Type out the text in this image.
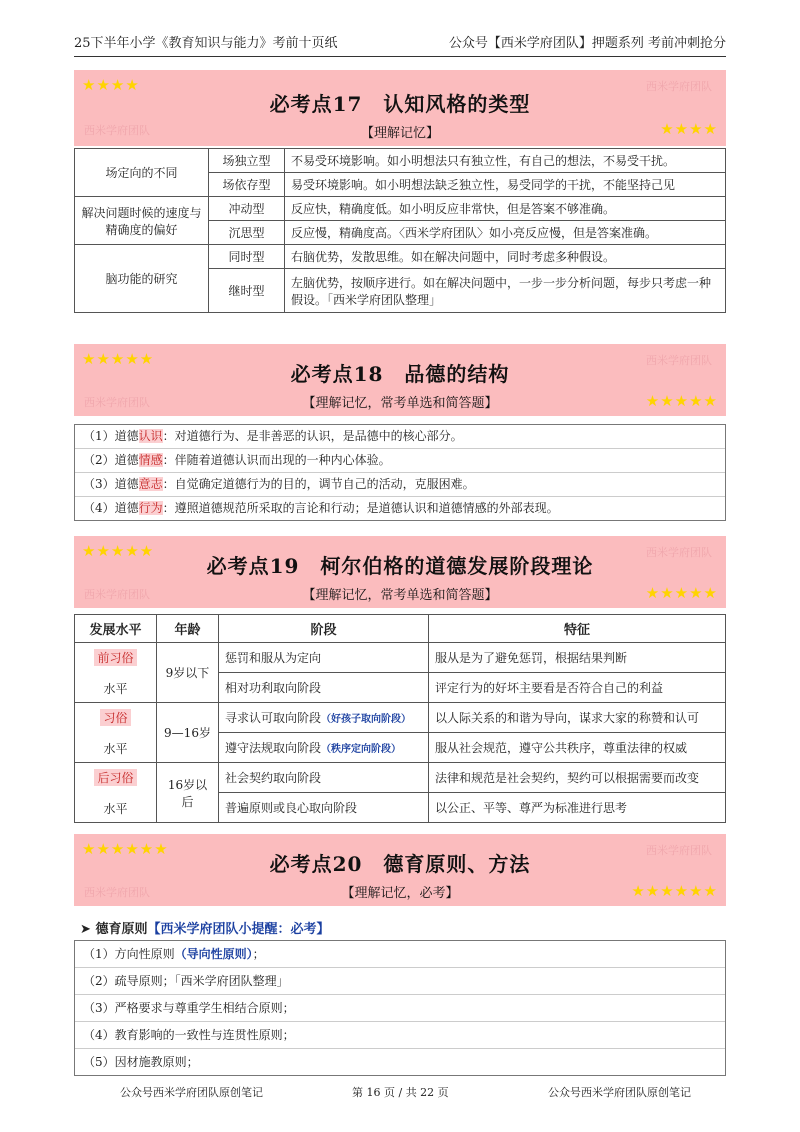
25下半年小学《教育知识与能力》考前十页纸	公众号【西米学府团队】押题系列 考前冲刺抢分
★★★★	西米学府团队
西米学府团队	★★★★
必考点17　认知风格的类型
【理解记忆】
场定向的不同	场独立型	不易受环境影响。如小明想法只有独立性，有自己的想法，不易受干扰。
	场依存型	易受环境影响。如小明想法缺乏独立性，易受同学的干扰，不能坚持己见
解决问题时候的速度与精确度的偏好	冲动型	反应快，精确度低。如小明反应非常快，但是答案不够准确。
	沉思型	反应慢，精确度高。〈西米学府团队〉如小亮反应慢，但是答案准确。
脑功能的研究	同时型	右脑优势，发散思维。如在解决问题中，同时考虑多种假设。
	继时型	左脑优势，按顺序进行。如在解决问题中，一步一步分析问题，每步只考虑一种假设。「西米学府团队整理」
★★★★★	西米学府团队
西米学府团队	★★★★★
必考点18　品德的结构
【理解记忆，常考单选和简答题】
（1）道德认识：对道德行为、是非善恶的认识，是品德中的核心部分。
（2）道德情感：伴随着道德认识而出现的一种内心体验。
（3）道德意志：自觉确定道德行为的目的，调节自己的活动，克服困难。
（4）道德行为：遵照道德规范所采取的言论和行动；是道德认识和道德情感的外部表现。
★★★★★	西米学府团队
西米学府团队	★★★★★
必考点19　柯尔伯格的道德发展阶段理论
【理解记忆，常考单选和简答题】
发展水平	年龄	阶段	特征
前习俗

水平	9岁以下	惩罚和服从为定向	服从是为了避免惩罚，根据结果判断
		相对功利取向阶段	评定行为的好坏主要看是否符合自己的利益
习俗

水平	9—16岁	寻求认可取向阶段（好孩子取向阶段）	以人际关系的和谐为导向，谋求大家的称赞和认可
		遵守法规取向阶段（秩序定向阶段）	服从社会规范，遵守公共秩序，尊重法律的权威
后习俗

水平	16岁以后	社会契约取向阶段	法律和规范是社会契约，契约可以根据需要而改变
		普遍原则或良心取向阶段	以公正、平等、尊严为标准进行思考
★★★★★★	西米学府团队
西米学府团队	★★★★★★
必考点20　德育原则、方法
【理解记忆，必考】
➤ 德育原则【西米学府团队小提醒：必考】
（1）方向性原则（导向性原则）；
（2）疏导原则；「西米学府团队整理」
（3）严格要求与尊重学生相结合原则；
（4）教育影响的一致性与连贯性原则；
（5）因材施教原则；
公众号西米学府团队原创笔记	第 16 页 / 共 22 页	公众号西米学府团队原创笔记
